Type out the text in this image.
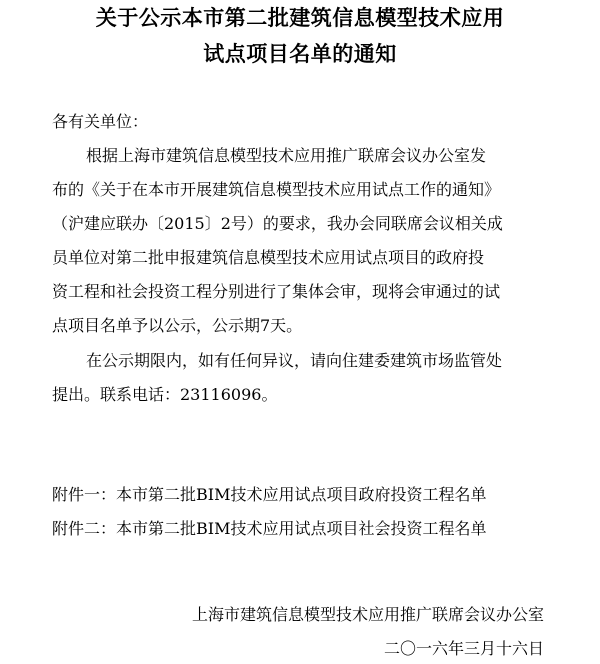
关于公示本市第二批建筑信息模型技术应用
试点项目名单的通知
各有关单位：
根据上海市建筑信息模型技术应用推广联席会议办公室发
布的《关于在本市开展建筑信息模型技术应用试点工作的通知》
（沪建应联办〔2015〕2号）的要求，我办会同联席会议相关成
员单位对第二批申报建筑信息模型技术应用试点项目的政府投
资工程和社会投资工程分别进行了集体会审，现将会审通过的试
点项目名单予以公示，公示期7天。
在公示期限内，如有任何异议，请向住建委建筑市场监管处
提出。联系电话：23116096。
附件一：本市第二批BIM技术应用试点项目政府投资工程名单
附件二：本市第二批BIM技术应用试点项目社会投资工程名单
上海市建筑信息模型技术应用推广联席会议办公室
二〇一六年三月十六日
